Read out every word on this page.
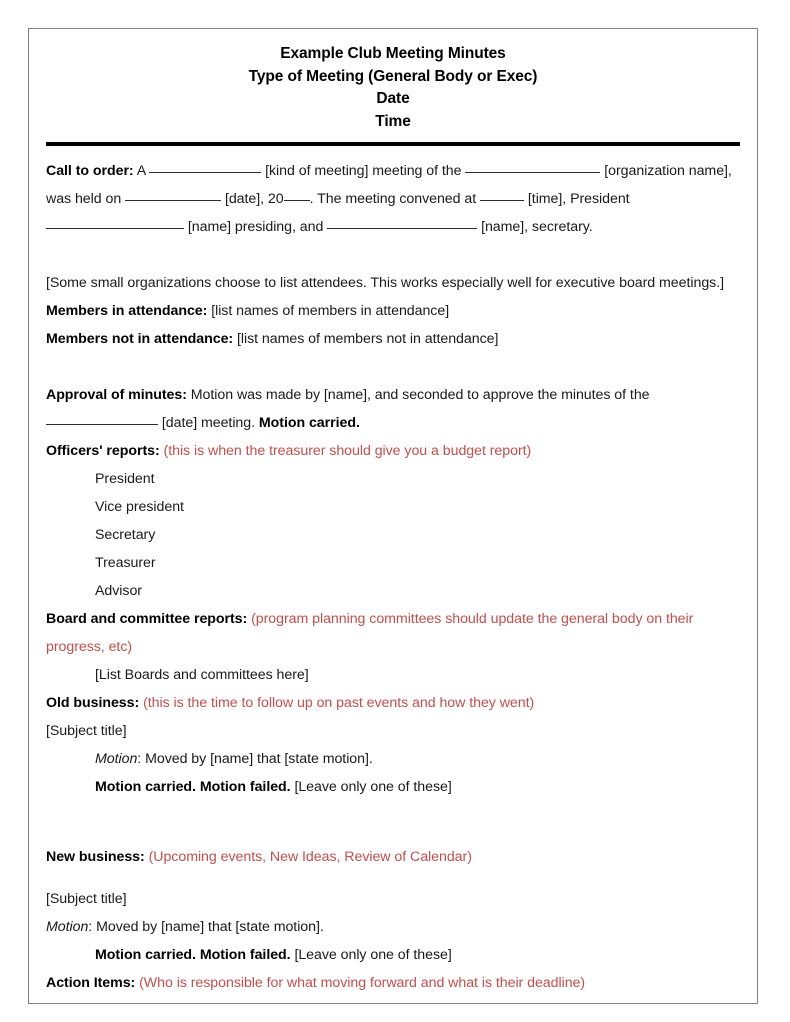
Example Club Meeting Minutes
Type of Meeting (General Body or Exec)
Date
Time

Call to order: A	[kind of meeting] meeting of the	[organization name],

was held on	[date], 20 . The meeting convened at	[time], President

[name] presiding, and	[name], secretary.

[Some small organizations choose to list attendees. This works especially well for executive board meetings.]

Members in attendance: [list names of members in attendance]

Members not in attendance: [list names of members not in attendance]

Approval of minutes: Motion was made by [name], and seconded to approve the minutes of the

[date] meeting. Motion carried.

Officers' reports: (this is when the treasurer should give you a budget report)

President

Vice president

Secretary

Treasurer

Advisor

Board and committee reports: (program planning committees should update the general body on their

progress, etc)

[List Boards and committees here]

Old business: (this is the time to follow up on past events and how they went)

[Subject title]

Motion: Moved by [name] that [state motion].

Motion carried. Motion failed. [Leave only one of these]

New business: (Upcoming events, New Ideas, Review of Calendar)

[Subject title]

Motion: Moved by [name] that [state motion].

Motion carried. Motion failed. [Leave only one of these]

Action Items: (Who is responsible for what moving forward and what is their deadline)
